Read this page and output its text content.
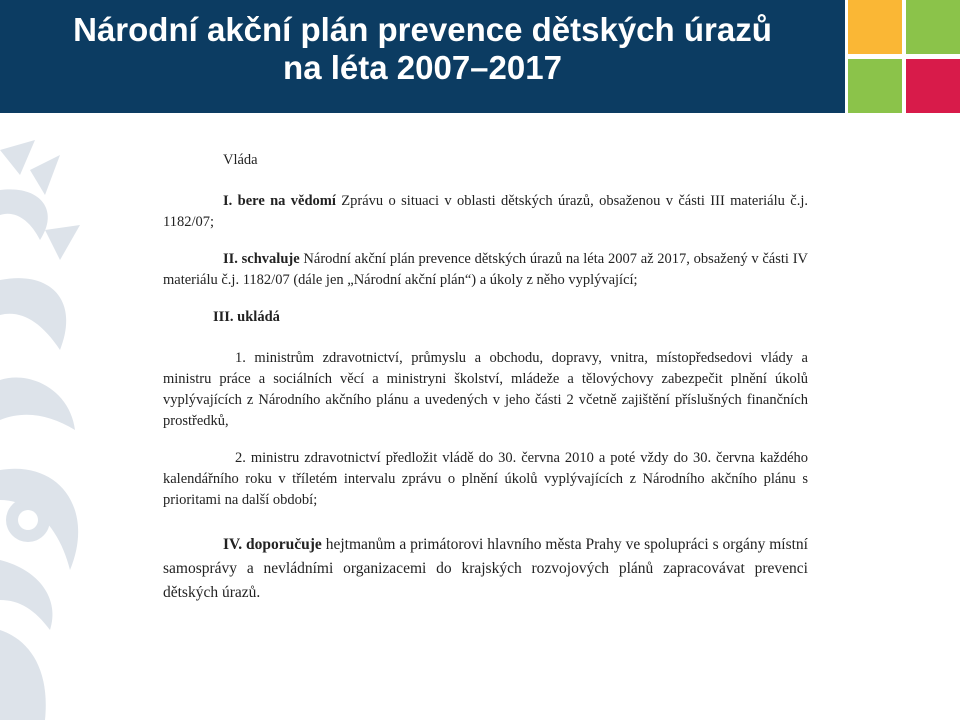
Národní akční plán prevence dětských úrazů
na léta 2007–2017

Vláda

I. bere na vědomí Zprávu o situaci v oblasti dětských úrazů, obsaženou v části III materiálu č.j. 1182/07;

II. schvaluje Národní akční plán prevence dětských úrazů na léta 2007 až 2017, obsažený v části IV materiálu č.j. 1182/07 (dále jen „Národní akční plán“) a úkoly z něho vyplývající;

III. ukládá

1. ministrům zdravotnictví, průmyslu a obchodu, dopravy, vnitra, místopředsedovi vlády a ministru práce a sociálních věcí a ministryni školství, mládeže a tělovýchovy zabezpečit plnění úkolů vyplývajících z Národního akčního plánu a uvedených v jeho části 2 včetně zajištění příslušných finančních prostředků,

2. ministru zdravotnictví předložit vládě do 30. června 2010 a poté vždy do 30. června každého kalendářního roku v tříletém intervalu zprávu o plnění úkolů vyplývajících z Národního akčního plánu s prioritami na další období;

IV. doporučuje hejtmanům a primátorovi hlavního města Prahy ve spolupráci s orgány místní samosprávy a nevládními organizacemi do krajských rozvojových plánů zapracovávat prevenci dětských úrazů.
